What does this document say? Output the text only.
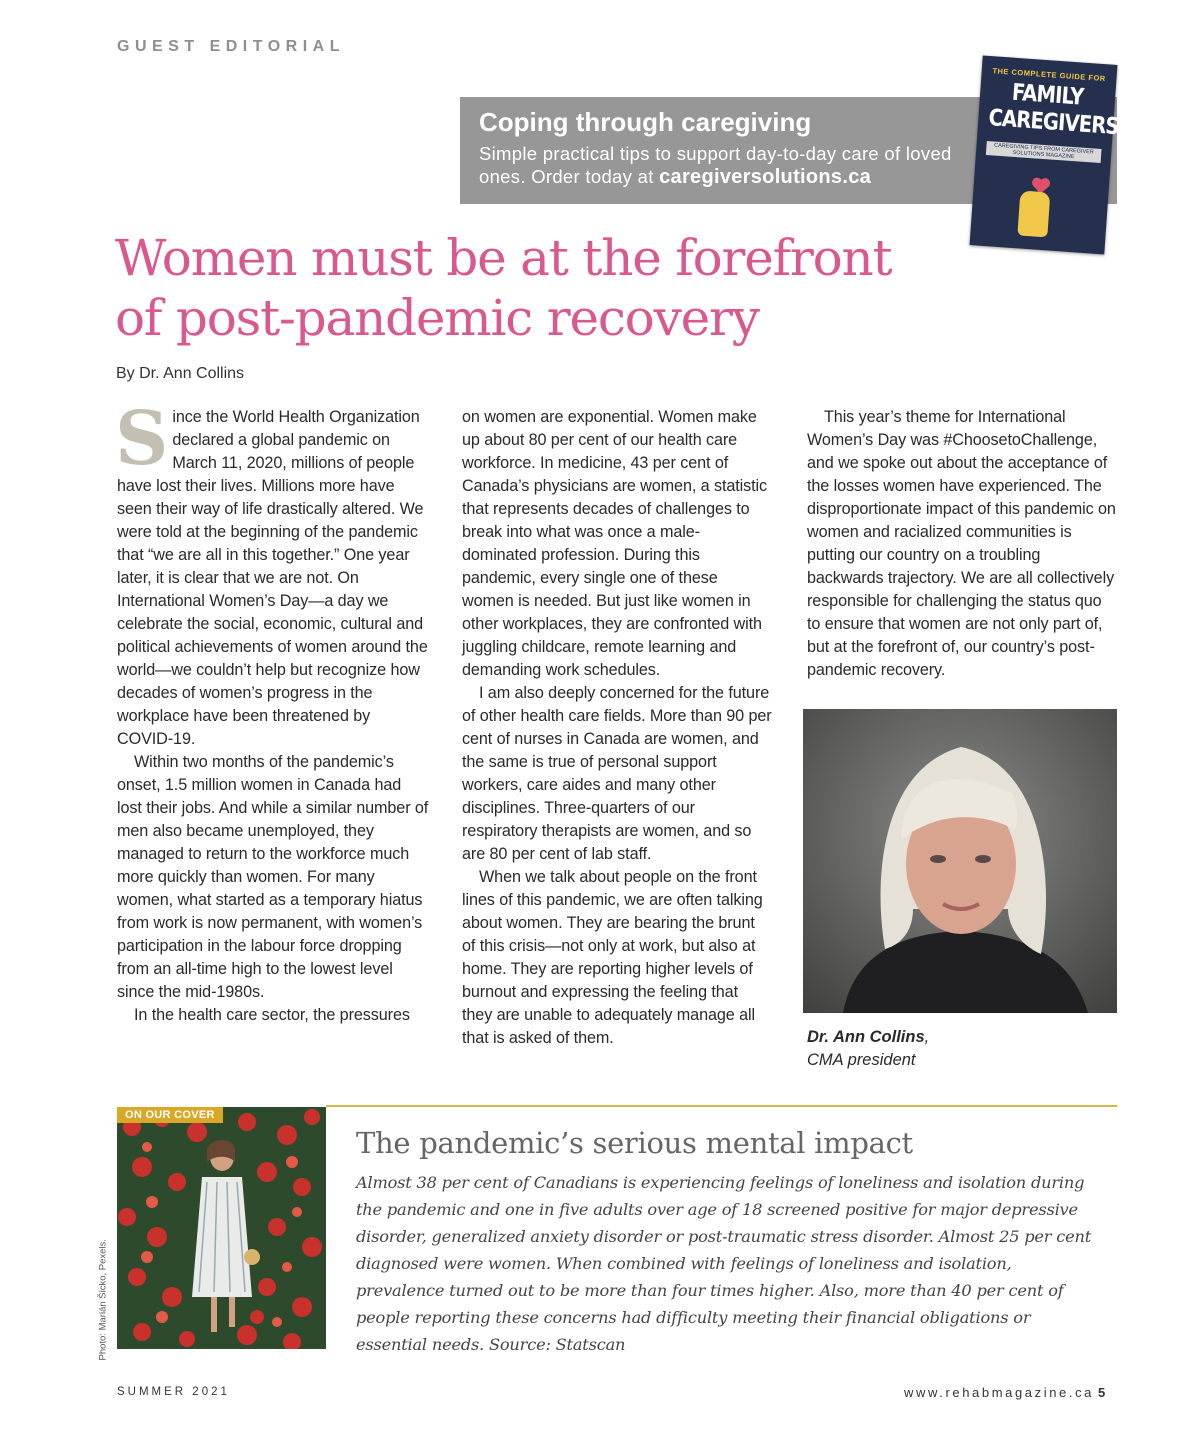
GUEST EDITORIAL
Coping through caregiving
Simple practical tips to support day-to-day care of loved ones. Order today at caregiversolutions.ca
THE COMPLETE GUIDE FOR
FAMILY
CAREGIVERS
CAREGIVING TIPS FROM CAREGIVER SOLUTIONS MAGAZINE
Women must be at the forefront of post-pandemic recovery
By Dr. Ann Collins

Since the World Health Organization declared a global pandemic on March 11, 2020, millions of people have lost their lives. Millions more have seen their way of life drastically altered. We were told at the beginning of the pandemic that “we are all in this together.” One year later, it is clear that we are not. On International Women’s Day—a day we celebrate the social, economic, cultural and political achievements of women around the world—we couldn’t help but recognize how decades of women’s progress in the workplace have been threatened by COVID-19.

Within two months of the pandemic’s onset, 1.5 million women in Canada had lost their jobs. And while a similar number of men also became unemployed, they managed to return to the workforce much more quickly than women. For many women, what started as a temporary hiatus from work is now permanent, with women’s participation in the labour force dropping from an all-time high to the lowest level since the mid-1980s.

In the health care sector, the pressures

on women are exponential. Women make up about 80 per cent of our health care workforce. In medicine, 43 per cent of Canada’s physicians are women, a statistic that represents decades of challenges to break into what was once a male-dominated profession. During this pandemic, every single one of these women is needed. But just like women in other workplaces, they are confronted with juggling childcare, remote learning and demanding work schedules.

I am also deeply concerned for the future of other health care fields. More than 90 per cent of nurses in Canada are women, and the same is true of personal support workers, care aides and many other disciplines. Three-quarters of our respiratory therapists are women, and so are 80 per cent of lab staff.

When we talk about people on the front lines of this pandemic, we are often talking about women. They are bearing the brunt of this crisis—not only at work, but also at home. They are reporting higher levels of burnout and expressing the feeling that they are unable to adequately manage all that is asked of them.

This year’s theme for International Women’s Day was #ChoosetoChallenge, and we spoke out about the acceptance of the losses women have experienced. The disproportionate impact of this pandemic on women and racialized communities is putting our country on a troubling backwards trajectory. We are all collectively responsible for challenging the status quo to ensure that women are not only part of, but at the forefront of, our country’s post-pandemic recovery.

Dr. Ann Collins,
CMA president
ON OUR COVER
Photo: Marián Šicko, Pexels.
The pandemic’s serious mental impact
Almost 38 per cent of Canadians is experiencing feelings of loneliness and isolation during the pandemic and one in five adults over age of 18 screened positive for major depressive disorder, generalized anxiety disorder or post-traumatic stress disorder. Almost 25 per cent diagnosed were women. When combined with feelings of loneliness and isolation, prevalence turned out to be more than four times higher. Also, more than 40 per cent of people reporting these concerns had difficulty meeting their financial obligations or essential needs. Source: Statscan
SUMMER 2021	www.rehabmagazine.ca 5
